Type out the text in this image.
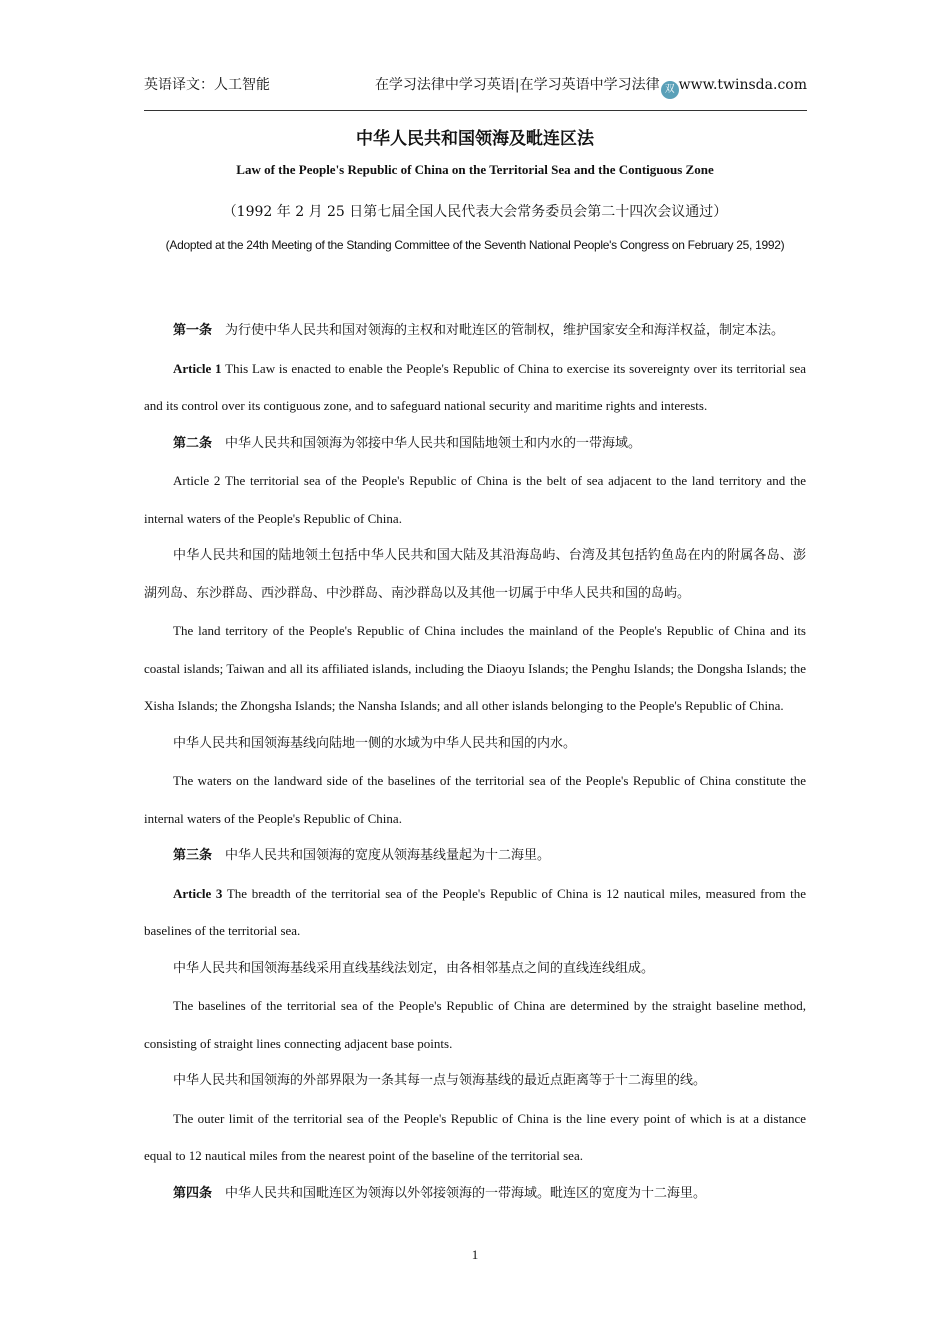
英语译文：人工智能	在学习法律中学习英语|在学习英语中学习法律 双 www.twinsda.com
中华人民共和国领海及毗连区法
Law of the People's Republic of China on the Territorial Sea and the Contiguous Zone
（1992 年 2 月 25 日第七届全国人民代表大会常务委员会第二十四次会议通过）
(Adopted at the 24th Meeting of the Standing Committee of the Seventh National People's Congress on February 25, 1992)

第一条　为行使中华人民共和国对领海的主权和对毗连区的管制权，维护国家安全和海洋权益，制定本法。

Article 1 This Law is enacted to enable the People's Republic of China to exercise its sovereignty over its territorial sea and its control over its contiguous zone, and to safeguard national security and maritime rights and interests.

第二条　中华人民共和国领海为邻接中华人民共和国陆地领土和内水的一带海域。

Article 2 The territorial sea of the People's Republic of China is the belt of sea adjacent to the land territory and the internal waters of the People's Republic of China.

中华人民共和国的陆地领土包括中华人民共和国大陆及其沿海岛屿、台湾及其包括钓鱼岛在内的附属各岛、澎湖列岛、东沙群岛、西沙群岛、中沙群岛、南沙群岛以及其他一切属于中华人民共和国的岛屿。

The land territory of the People's Republic of China includes the mainland of the People's Republic of China and its coastal islands; Taiwan and all its affiliated islands, including the Diaoyu Islands; the Penghu Islands; the Dongsha Islands; the Xisha Islands; the Zhongsha Islands; the Nansha Islands; and all other islands belonging to the People's Republic of China.

中华人民共和国领海基线向陆地一侧的水域为中华人民共和国的内水。

The waters on the landward side of the baselines of the territorial sea of the People's Republic of China constitute the internal waters of the People's Republic of China.

第三条　中华人民共和国领海的宽度从领海基线量起为十二海里。

Article 3 The breadth of the territorial sea of the People's Republic of China is 12 nautical miles, measured from the baselines of the territorial sea.

中华人民共和国领海基线采用直线基线法划定，由各相邻基点之间的直线连线组成。

The baselines of the territorial sea of the People's Republic of China are determined by the straight baseline method, consisting of straight lines connecting adjacent base points.

中华人民共和国领海的外部界限为一条其每一点与领海基线的最近点距离等于十二海里的线。

The outer limit of the territorial sea of the People's Republic of China is the line every point of which is at a distance equal to 12 nautical miles from the nearest point of the baseline of the territorial sea.

第四条　中华人民共和国毗连区为领海以外邻接领海的一带海域。毗连区的宽度为十二海里。

1
